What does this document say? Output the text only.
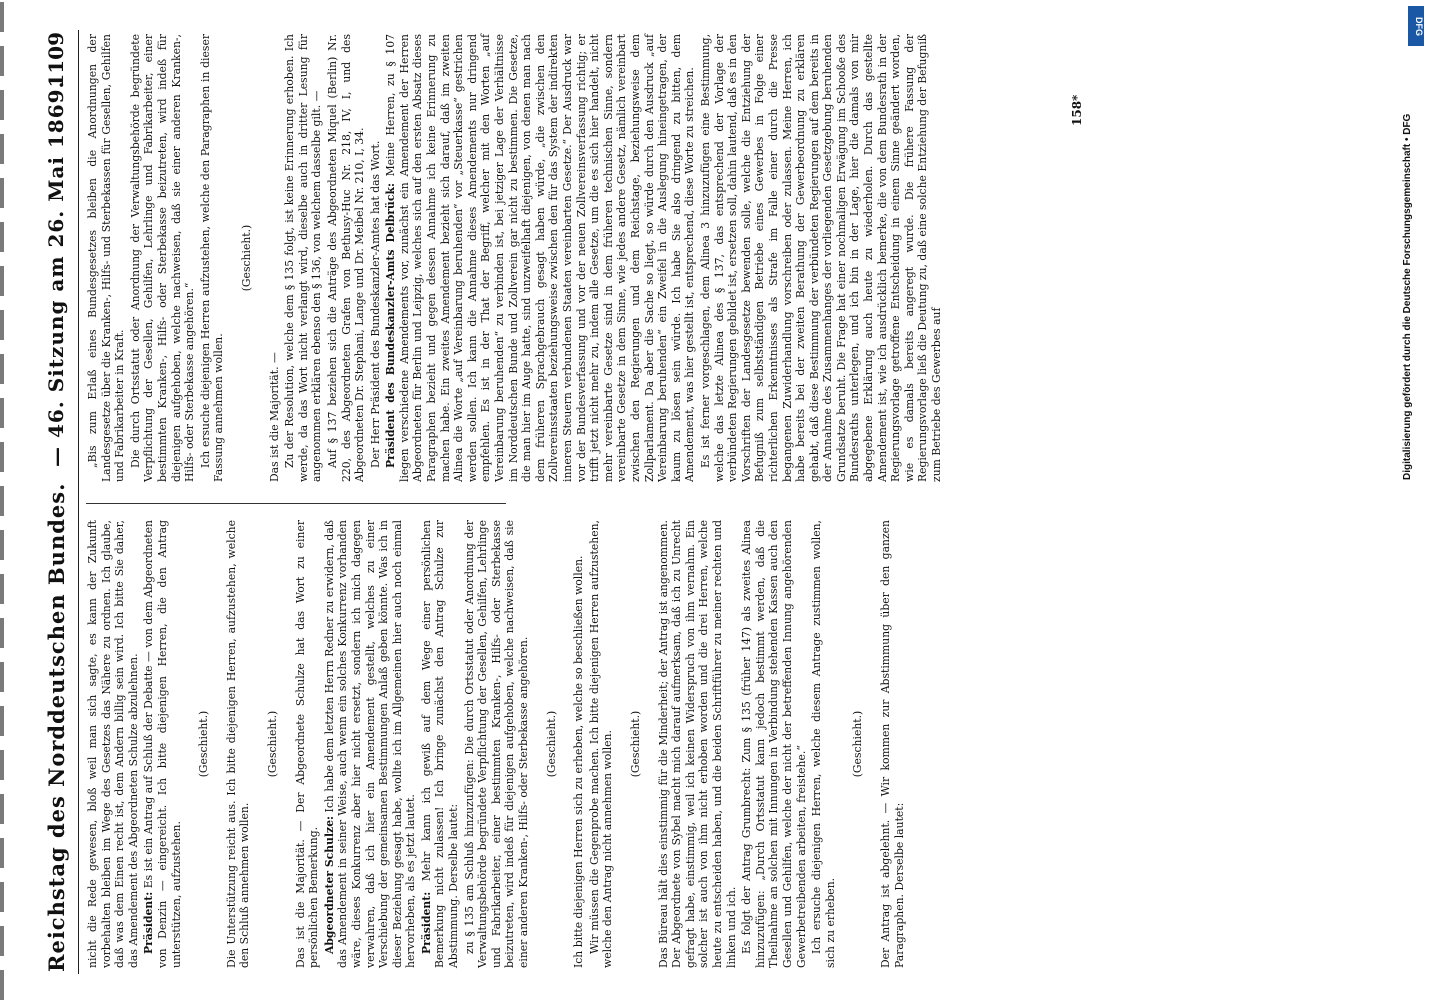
Reichstag des Norddeutschen Bundes.
— 46. Sitzung am 26. Mai 1869.
1109

nicht die Rede gewesen, bloß weil man sich sagte, es kann der Zukunft vorbehalten bleiben im Wege des Gesetzes das Nähere zu ordnen. Ich glaube, daß was dem Einen recht ist, dem Andern billig sein wird. Ich bitte Sie daher, das Amendement des Abgeordneten Schulze abzulehnen. Präsident: Es ist ein Antrag auf Schluß der Debatte — von dem Abgeordneten von Denzin — eingereicht. Ich bitte diejenigen Herren, die den Antrag unterstützen, aufzustehen.

(Geschieht.) Die Unterstützung reicht aus. Ich bitte diejenigen Herren, aufzustehen, welche den Schluß annehmen wollen.

(Geschieht.) Das ist die Majorität. — Der Abgeordnete Schulze hat das Wort zu einer persönlichen Bemerkung. Abgeordneter Schulze: Ich habe dem letzten Herrn Redner zu erwidern, daß das Amendement in seiner Weise, auch wenn ein solches Konkurrenz vorhanden wäre, dieses Konkurrenz aber hier nicht ersetzt, sondern ich mich dagegen verwahren, daß ich hier ein Amendement gestellt, welches zu einer Verschiebung der gemeinsamen Bestimmungen Anlaß geben könnte. Was ich in dieser Beziehung gesagt habe, wollte ich im Allgemeinen hier auch noch einmal hervorheben, als es jetzt lautet. Präsident: Mehr kann ich gewiß auf dem Wege einer persönlichen Bemerkung nicht zulassen! Ich bringe zunächst den Antrag Schulze zur Abstimmung. Derselbe lautet: zu § 135 am Schluß hinzuzufügen: Die durch Ortsstatut oder Anordnung der Verwaltungsbehörde begründete Verpflichtung der Gesellen, Gehilfen, Lehrlinge und Fabrikarbeiter, einer bestimmten Kranken-, Hilfs- oder Sterbekasse beizutreten, wird indeß für diejenigen aufgehoben, welche nachweisen, daß sie einer anderen Kranken-, Hilfs- oder Sterbekasse angehören. (Geschieht.) Ich bitte diejenigen Herren sich zu erheben, welche so beschließen wollen. Wir müssen die Gegenprobe machen. Ich bitte diejenigen Herren aufzustehen, welche den Antrag nicht annehmen wollen. (Geschieht.) Das Büreau hält dies einstimmig für die Minderheit; der Antrag ist angenommen. Der Abgeordnete von Sybel macht mich darauf aufmerksam, daß ich zu Unrecht gefragt habe, einstimmig, weil ich keinen Widerspruch von ihm vernahm. Ein solcher ist auch von ihm nicht erhoben worden und die drei Herren, welche heute zu entscheiden haben, und die beiden Schriftführer zu meiner rechten und linken und ich. Es folgt der Antrag Grumbrecht: Zum § 135 (früher 147) als zweites Alinea hinzuzufügen: „Durch Ortsstatut kann jedoch bestimmt werden, daß die Theilnahme an solchen mit Innungen in Verbindung stehenden Kassen auch den Gesellen und Gehilfen, welche der nicht der betreffenden Innung angehörenden Gewerbetreibenden arbeiten, freistehe.“ Ich ersuche diejenigen Herren, welche diesem Antrage zustimmen wollen, sich zu erheben.

(Geschieht.) Der Antrag ist abgelehnt. — Wir kommen zur Abstimmung über den ganzen Paragraphen. Derselbe lautet:

„Bis zum Erlaß eines Bundesgesetzes bleiben die Anordnungen der Landesgesetze über die Kranken-, Hilfs- und Sterbekassen für Gesellen, Gehilfen und Fabrikarbeiter in Kraft. Die durch Ortsstatut oder Anordnung der Verwaltungsbehörde begründete Verpflichtung der Gesellen, Gehilfen, Lehrlinge und Fabrikarbeiter, einer bestimmten Kranken-, Hilfs- oder Sterbekasse beizutreten, wird indeß für diejenigen aufgehoben, welche nachweisen, daß sie einer anderen Kranken-, Hilfs- oder Sterbekasse angehören.“ Ich ersuche diejenigen Herren aufzustehen, welche den Paragraphen in dieser Fassung annehmen wollen.

(Geschieht.)

Das ist die Majorität. — Zu der Resolution, welche dem § 135 folgt, ist keine Erinnerung erhoben. Ich werde, da das Wort nicht verlangt wird, dieselbe auch in dritter Lesung für angenommen erklären ebenso den § 136, von welchem dasselbe gilt. — Auf § 137 beziehen sich die Anträge des Abgeordneten Miquel (Berlin) Nr. 220, des Abgeordneten Grafen von Bethusy-Huc Nr. 218, IV, I, und des Abgeordneten Dr. Stephani, Lange und Dr. Meibel Nr. 210, I, 34. Der Herr Präsident des Bundeskanzler-Amtes hat das Wort. Präsident des Bundeskanzler-Amts Delbrück: Meine Herren, zu § 107 liegen verschiedene Amendements vor, zunächst ein Amendement der Herren Abgeordneten für Berlin und Leipzig, welches sich auf den ersten Absatz dieses Paragraphen bezieht und gegen dessen Annahme ich keine Erinnerung zu machen habe. Ein zweites Amendement bezieht sich darauf, daß im zweiten Alinea die Worte „auf Vereinbarung beruhenden“ vor „Steuerkasse“ gestrichen werden sollen. Ich kann die Annahme dieses Amendements nur dringend empfehlen. Es ist in der That der Begriff, welcher mit den Worten „auf Vereinbarung beruhenden“ zu verbinden ist, bei jetziger Lage der Verhältnisse im Norddeutschen Bunde und Zollverein gar nicht zu bestimmen. Die Gesetze, die man hier im Auge hatte, sind unzweifelhaft diejenigen, von denen man nach dem früheren Sprachgebrauch gesagt haben würde, „die zwischen den Zollvereinsstaaten beziehungsweise zwischen den für das System der indirekten inneren Steuern verbundenen Staaten vereinbarten Gesetze.“ Der Ausdruck war vor der Bundesverfassung und vor der neuen Zollvereinsverfassung richtig; er trifft jetzt nicht mehr zu, indem alle Gesetze, um die es sich hier handelt, nicht mehr vereinbarte Gesetze sind in dem früheren technischen Sinne, sondern vereinbarte Gesetze in dem Sinne, wie jedes andere Gesetz, nämlich vereinbart zwischen den Regierungen und dem Reichstage, beziehungsweise dem Zollparlament. Da aber die Sache so liegt, so würde durch den Ausdruck „auf Vereinbarung beruhenden“ ein Zweifel in die Auslegung hineingetragen, der kaum zu lösen sein würde. Ich habe Sie also dringend zu bitten, dem Amendement, was hier gestellt ist, entsprechend, diese Worte zu streichen. Es ist ferner vorgeschlagen, dem Alinea 3 hinzuzufügen eine Bestimmung, welche das letzte Alinea des § 137, das entsprechend der Vorlage der verbündeten Regierungen gebildet ist, ersetzen soll, dahin lautend, daß es in den Vorschriften der Landesgesetze bewenden solle, welche die Entziehung der Befugniß zum selbstständigen Betriebe eines Gewerbes in Folge einer richterlichen Erkenntnisses als Strafe im Falle einer durch die Presse begangenen Zuwiderhandlung vorschreiben oder zulassen. Meine Herren, ich habe bereits bei der zweiten Berathung der Gewerbeordnung zu erklären gehabt, daß diese Bestimmung der verbündeten Regierungen auf dem bereits in der Annahme des Zusammenhanges der vorliegenden Gesetzgebung beruhenden Grundsatze beruht. Die Frage hat einer nochmaligen Erwägung im Schooße des Bundesraths unterlegen, und ich bin in der Lage, hier die damals von mir abgegebene Erklärung auch heute zu wiederholen. Durch das gestellte Amendement ist, wie ich ausdrücklich bemerke, die von dem Bundesrath in der Regierungsvorlage getroffene Entscheidung in einem Sinne geändert worden, wie es damals bereits angeregt wurde. Die frühere Fassung der Regierungsvorlage ließ die Deutung zu, daß eine solche Entziehung der Befugniß zum Betriebe des Gewerbes auf

158*
DFG
Digitalisierung gefördert durch die Deutsche Forschungsgemeinschaft • DFG
